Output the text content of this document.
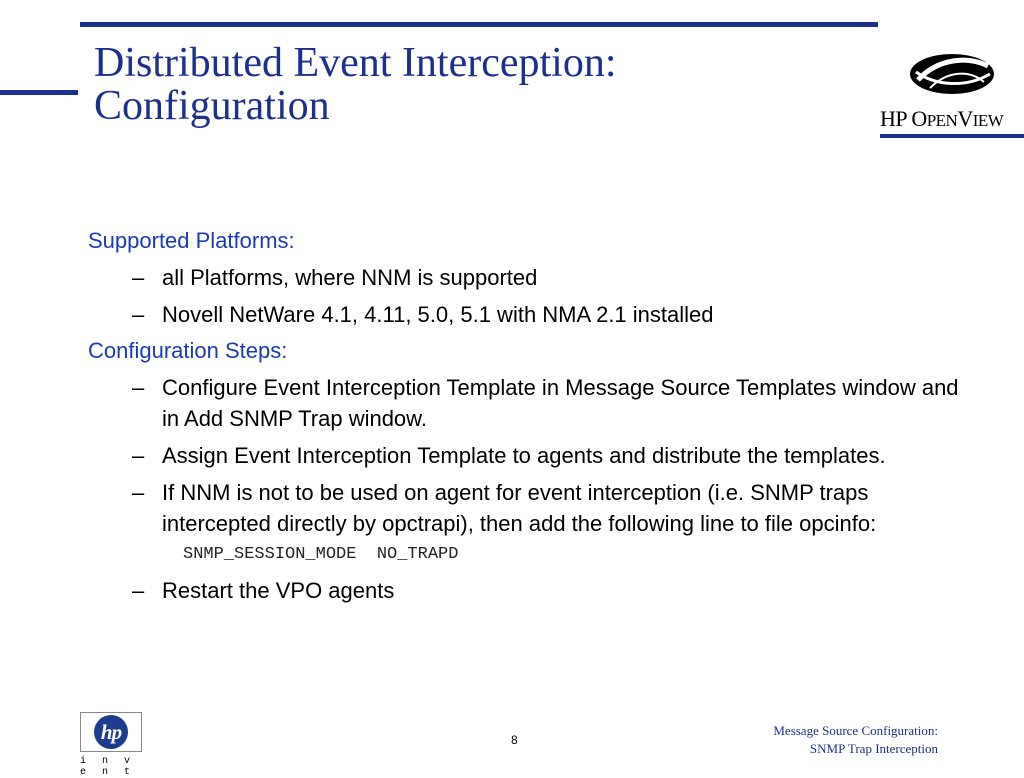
Distributed Event Interception:
Configuration	HP OPENVIEW
Supported Platforms:
– all Platforms, where NNM is supported
– Novell NetWare 4.1, 4.11, 5.0, 5.1 with NMA 2.1 installed
Configuration Steps:
– Configure Event Interception Template in Message Source Templates window and in Add SNMP Trap window.
– Assign Event Interception Template to agents and distribute the templates.
– If NNM is not to be used on agent for event interception (i.e. SNMP traps intercepted directly by opctrapi), then add the following line to file opcinfo:
SNMP_SESSION_MODE  NO_TRAPD
– Restart the VPO agents
hp
i n v e n t
8
Message Source Configuration:
SNMP Trap Interception
